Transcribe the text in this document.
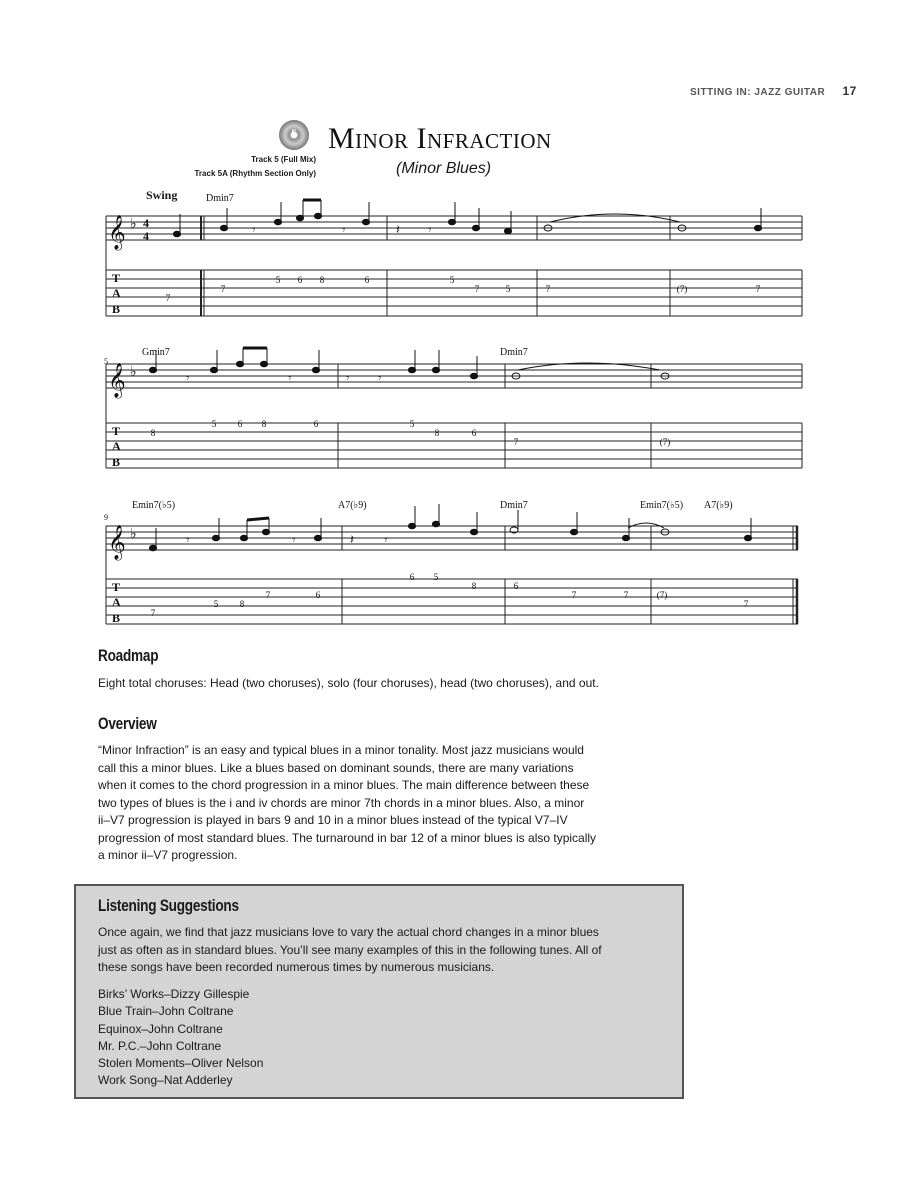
SITTING IN: JAZZ GUITAR 17
5	Minor Infraction
(Minor Blues)
Track 5 (Full Mix)
Track 5A (Rhythm Section Only)
Swing
𝄞
𝄞
𝄞
♭
♭
♭
4
4	𝄾	𝄾	𝄽 𝄾
𝄾	𝄾	𝄾 𝄾
𝄾	𝄾	𝄽 𝄾
T
A
B
T
A
B
T
A
B
Dmin7
Gmin7	Dmin7
Emin7(♭5)	A7(♭9)	Dmin7	Emin7(♭5) A7(♭9)
5
9
7
7
5 6 8	6	5
7	5	7	(7)	7
8
5 6 8	6	5
8	6
7	(7)
7
5 8
7	6
6 5
8	6
7	7	(7)
7
Roadmap
Eight total choruses: Head (two choruses), solo (four choruses), head (two choruses), and out.
Overview
“Minor Infraction” is an easy and typical blues in a minor tonality. Most jazz musicians would
call this a minor blues. Like a blues based on dominant sounds, there are many variations
when it comes to the chord progression in a minor blues. The main difference between these
two types of blues is the i and iv chords are minor 7th chords in a minor blues. Also, a minor
ii–V7 progression is played in bars 9 and 10 in a minor blues instead of the typical V7–IV
progression of most standard blues. The turnaround in bar 12 of a minor blues is also typically
a minor ii–V7 progression.
Listening Suggestions
Once again, we find that jazz musicians love to vary the actual chord changes in a minor blues
just as often as in standard blues. You’ll see many examples of this in the following tunes. All of
these songs have been recorded numerous times by numerous musicians.
Birks’ Works–Dizzy Gillespie
Blue Train–John Coltrane
Equinox–John Coltrane
Mr. P.C.–John Coltrane
Stolen Moments–Oliver Nelson
Work Song–Nat Adderley
